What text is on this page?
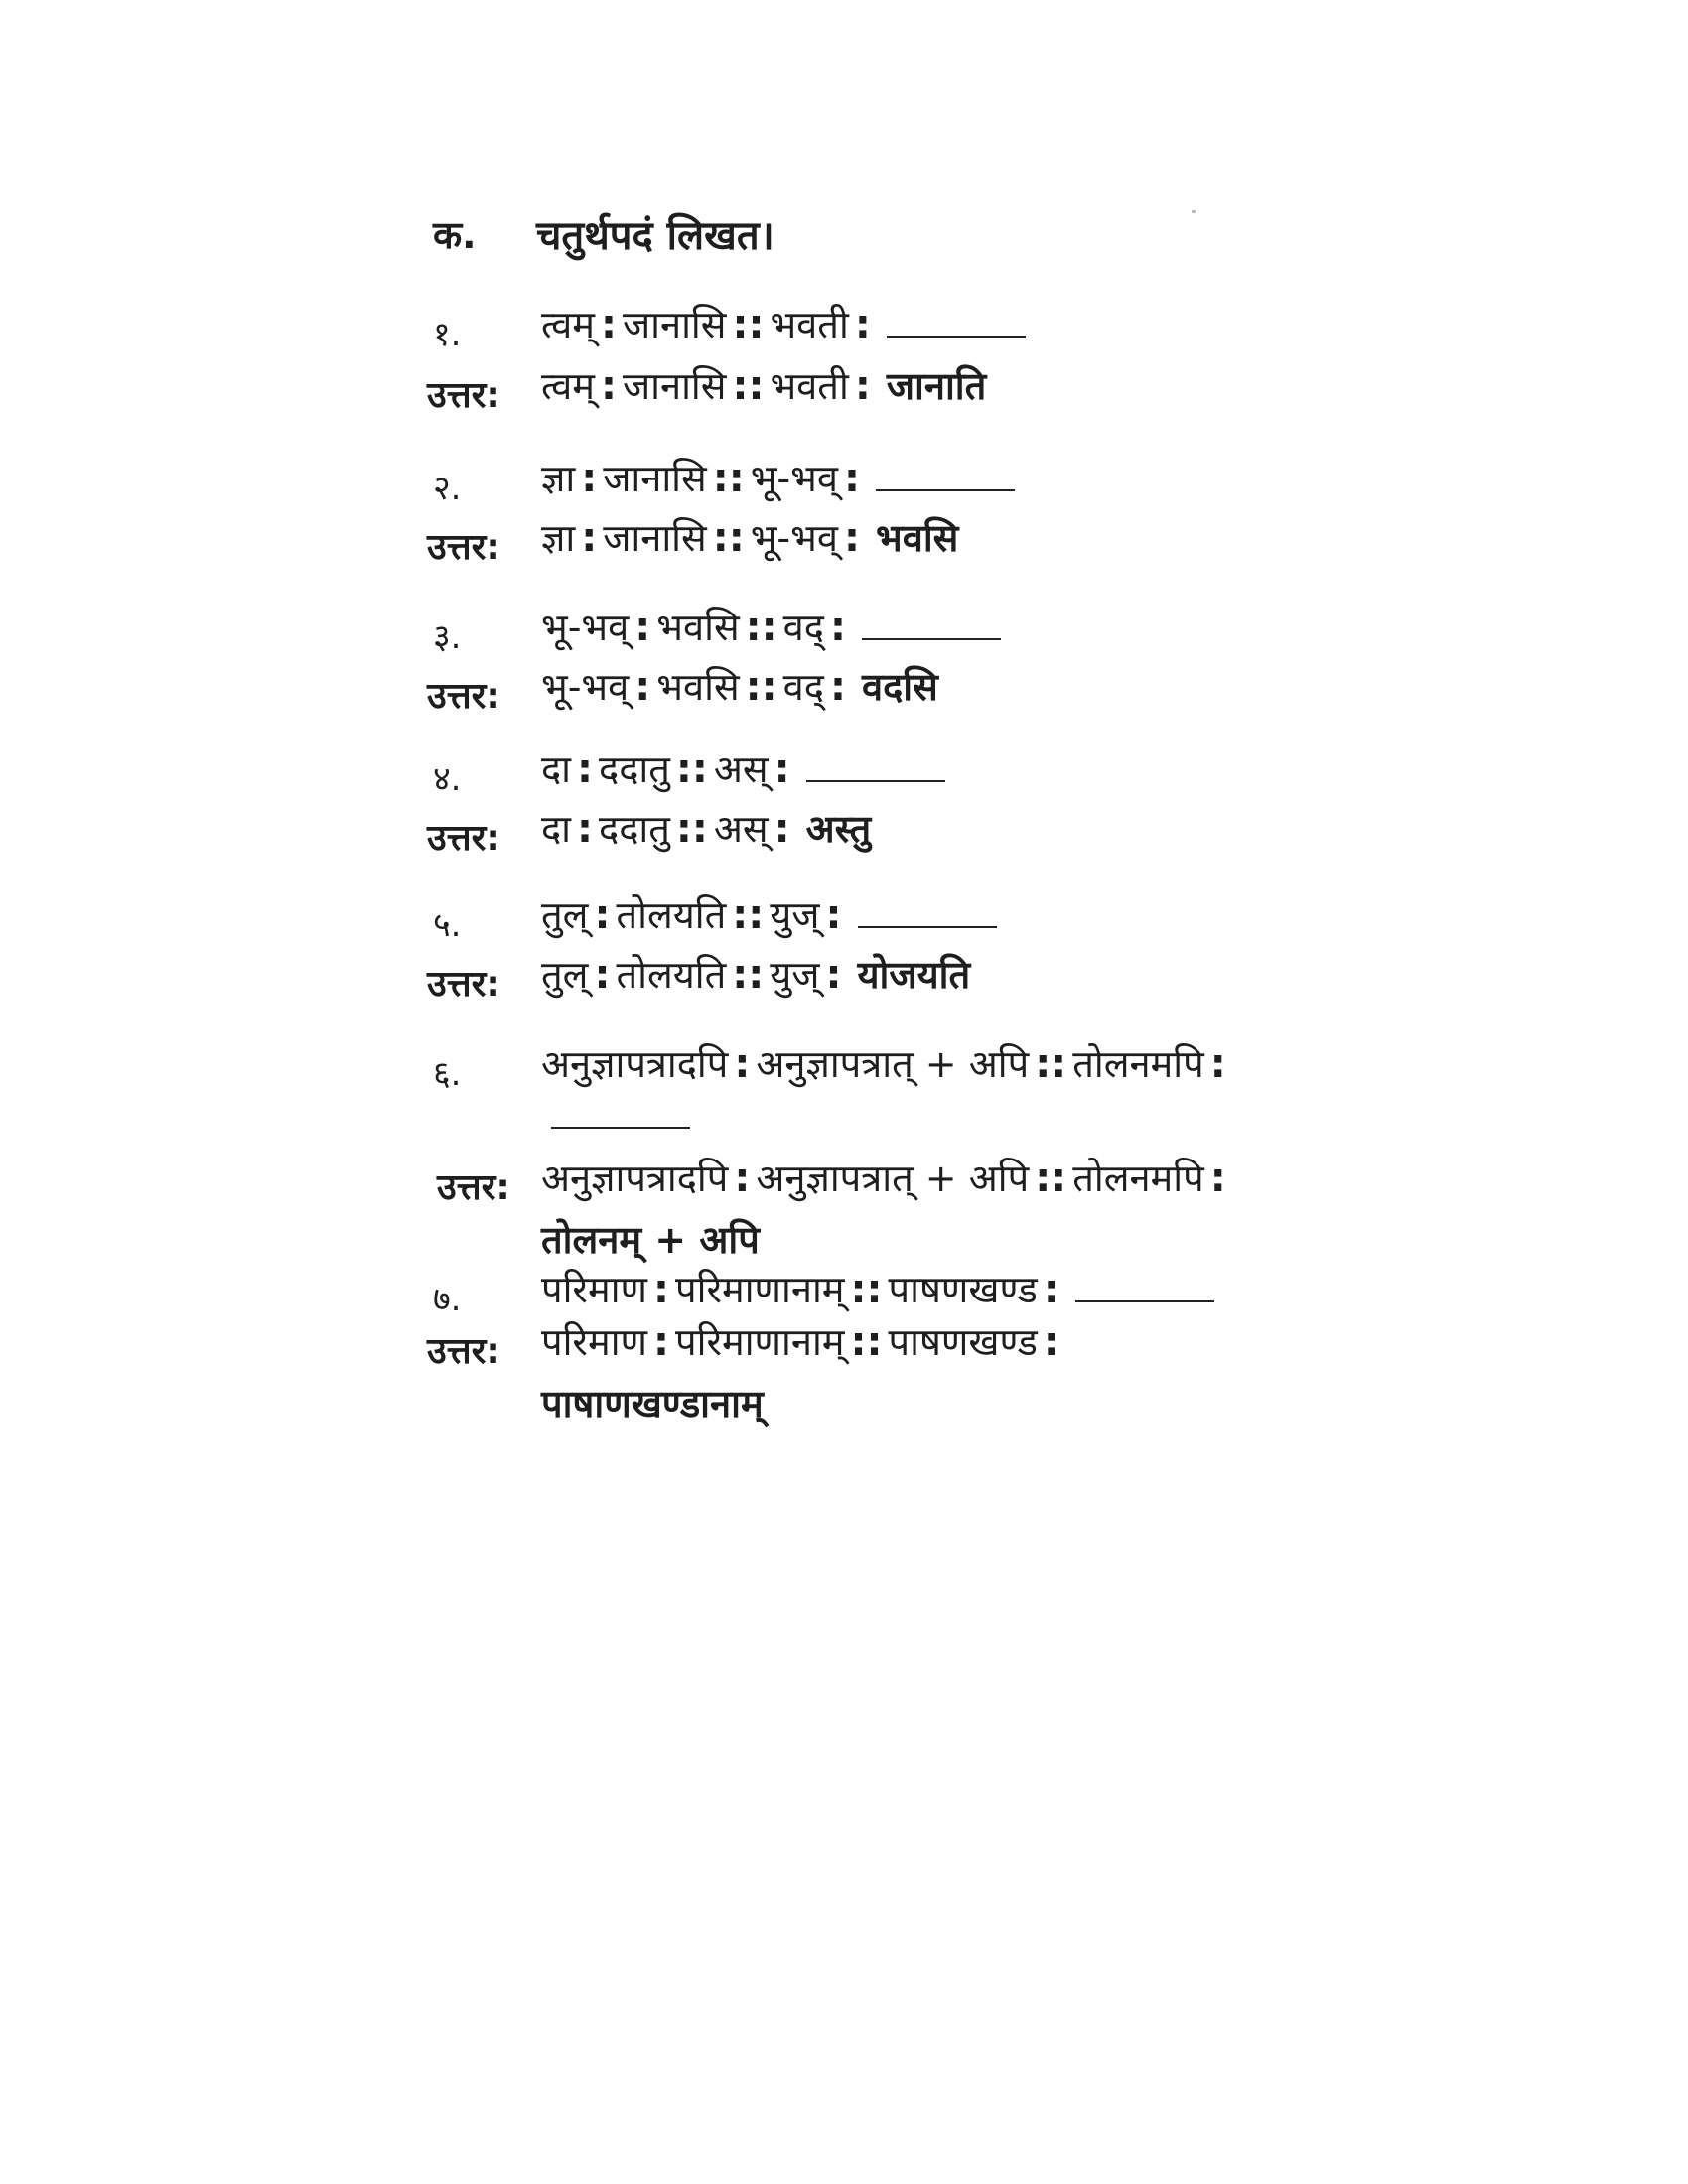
क. चतुर्थपदं लिखत।
१. त्वम् : जानासि :: भवती :
उत्तर: त्वम् : जानासि :: भवती : जानाति
२. ज्ञा : जानासि :: भू-भव् :
उत्तर: ज्ञा : जानासि :: भू-भव् : भवसि
३. भू-भव् : भवसि :: वद् :
उत्तर: भू-भव् : भवसि :: वद् : वदसि
४. दा : ददातु :: अस् :
उत्तर: दा : ददातु :: अस् : अस्तु
५. तुल् : तोलयति :: युज् :
उत्तर: तुल् : तोलयति :: युज् : योजयति
६. अनुज्ञापत्रादपि : अनुज्ञापत्रात् + अपि :: तोलनमपि :
उत्तर: अनुज्ञापत्रादपि : अनुज्ञापत्रात् + अपि :: तोलनमपि :
तोलनम् + अपि
७. परिमाण : परिमाणानाम् :: पाषणखण्ड :
उत्तर: परिमाण : परिमाणानाम् :: पाषणखण्ड :
पाषाणखण्डानाम्
